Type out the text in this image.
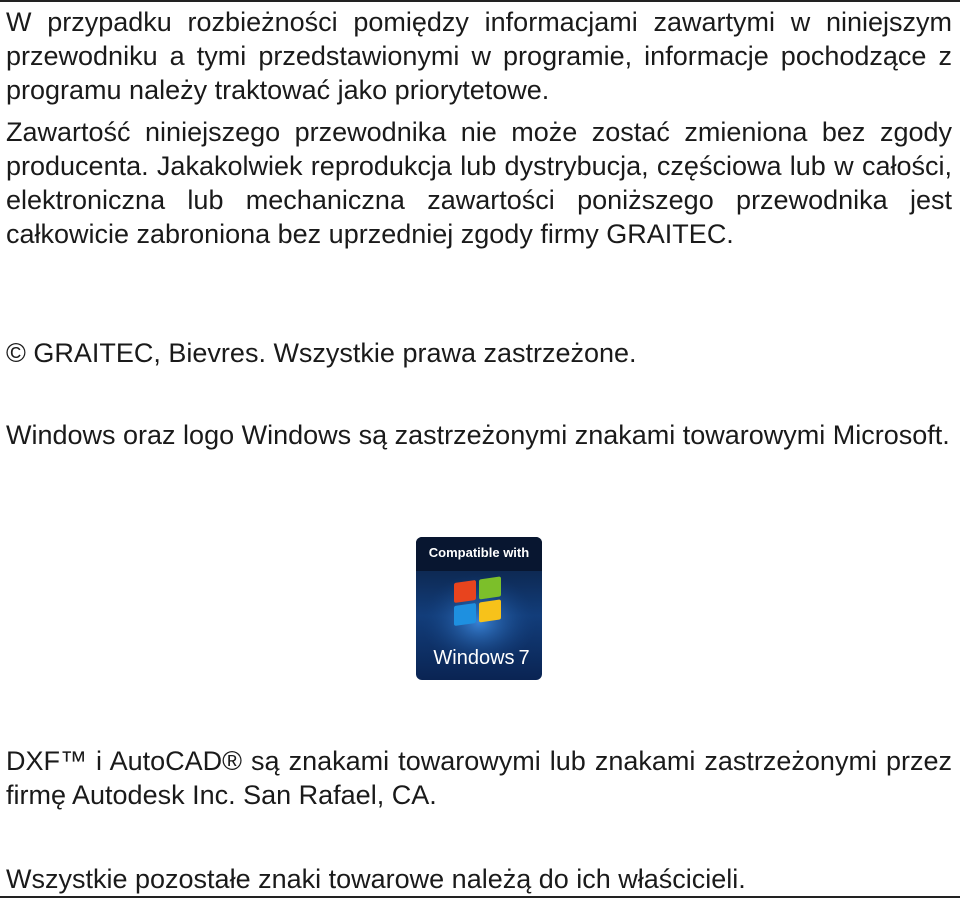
W przypadku rozbieżności pomiędzy informacjami zawartymi w niniejszym przewodniku a tymi przedstawionymi w programie, informacje pochodzące z programu należy traktować jako priorytetowe.

Zawartość niniejszego przewodnika nie może zostać zmieniona bez zgody producenta. Jakakolwiek reprodukcja lub dystrybucja, częściowa lub w całości, elektroniczna lub mechaniczna zawartości poniższego przewodnika jest całkowicie zabroniona bez uprzedniej zgody firmy GRAITEC.

© GRAITEC, Bievres. Wszystkie prawa zastrzeżone.

Windows oraz logo Windows są zastrzeżonymi znakami towarowymi Microsoft.

Compatible with
Windows 7

DXF™ i AutoCAD® są znakami towarowymi lub znakami zastrzeżonymi przez firmę Autodesk Inc. San Rafael, CA.

Wszystkie pozostałe znaki towarowe należą do ich właścicieli.
